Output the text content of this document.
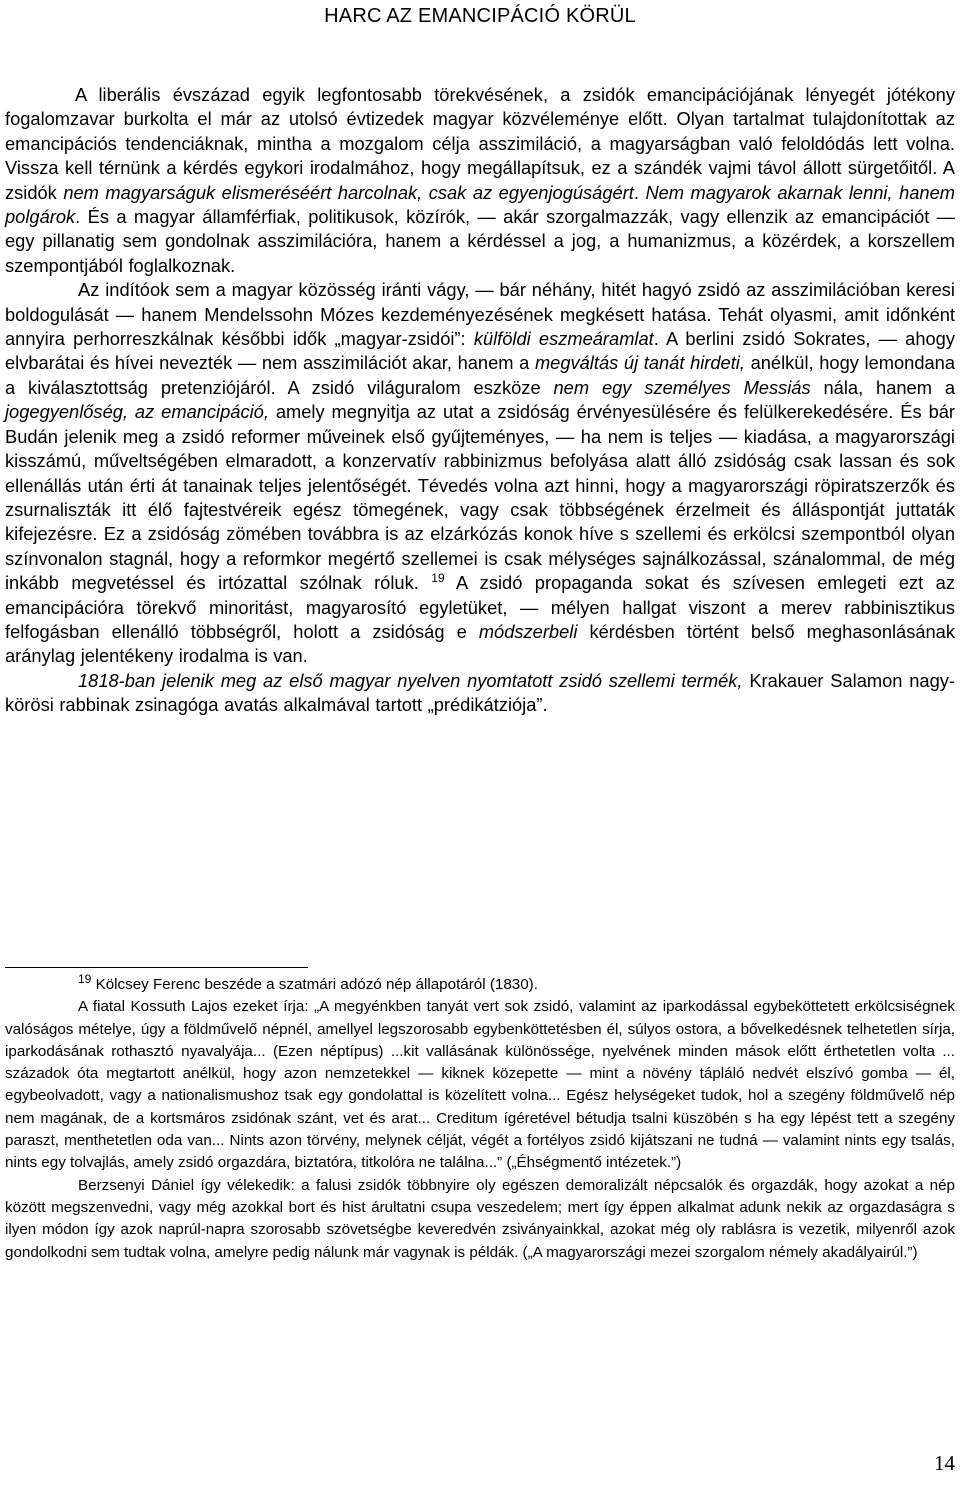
HARC AZ EMANCIPÁCIÓ KÖRÜL

A liberális évszázad egyik legfontosabb törekvésének, a zsidók emancipációjának lényegét jótékony fogalomzavar burkolta el már az utolsó évtizedek magyar közvéleménye előtt. Olyan tartalmat tulajdonítottak az emancipációs tendenciáknak, mintha a mozgalom célja asszimiláció, a magyarságban való feloldódás lett volna. Vissza kell térnünk a kérdés egykori irodalmához, hogy megállapítsuk, ez a szándék vajmi távol állott sürgetőitől. A zsidók nem magyarságuk elismeréséért harcolnak, csak az egyenjogúságért. Nem magyarok akarnak lenni, hanem polgárok. És a magyar államférfiak, politikusok, közírók, — akár szorgalmazzák, vagy ellenzik az emancipációt — egy pillanatig sem gondolnak asszimilációra, hanem a kérdéssel a jog, a humanizmus, a közérdek, a korszellem szempontjából foglalkoznak.

Az indítóok sem a magyar közösség iránti vágy, — bár néhány, hitét hagyó zsidó az asszimilációban keresi boldogulását — hanem Mendelssohn Mózes kezdeményezésének megkésett hatása. Tehát olyasmi, amit időnként annyira perhorreszkálnak későbbi idők „magyar-zsidói”: külföldi eszmeáramlat. A berlini zsidó Sokrates, — ahogy elvbarátai és hívei nevezték — nem asszimilációt akar, hanem a megváltás új tanát hirdeti, anélkül, hogy lemondana a kiválasztottság pretenziójáról. A zsidó világuralom eszköze nem egy személyes Messiás nála, hanem a jogegyenlőség, az emancipáció, amely megnyitja az utat a zsidóság érvényesülésére és felülkerekedésére. És bár Budán jelenik meg a zsidó reformer műveinek első gyűjteményes, — ha nem is teljes — kiadása, a magyarországi kisszámú, műveltségében elmaradott, a konzervatív rabbinizmus befolyása alatt álló zsidóság csak lassan és sok ellenállás után érti át tanainak teljes jelentőségét. Tévedés volna azt hinni, hogy a magyarországi röpiratszerzők és zsurnaliszták itt élő fajtestvéreik egész tömegének, vagy csak többségének érzelmeit és álláspontját juttaták kifejezésre. Ez a zsidóság zömében továbbra is az elzárkózás konok híve s szellemi és erkölcsi szempontból olyan színvonalon stagnál, hogy a reformkor megértő szellemei is csak mélységes sajnálkozással, szánalommal, de még inkább megvetéssel és irtózattal szólnak róluk. $^{19}$ A zsidó propaganda sokat és szívesen emlegeti ezt az emancipációra törekvő minoritást, magyarosító egyletüket, — mélyen hallgat viszont a merev rabbinisztikus felfogásban ellenálló többségről, holott a zsidóság e módszerbeli kérdésben történt belső meghasonlásának aránylag jelentékeny irodalma is van.

1818-ban jelenik meg az első magyar nyelven nyomtatott zsidó szellemi termék, Krakauer Salamon nagy-körösi rabbinak zsinagóga avatás alkalmával tartott „prédikátziója”.

$^{19}$ Kölcsey Ferenc beszéde a szatmári adózó nép állapotáról (1830).

A fiatal Kossuth Lajos ezeket írja: „A megyénkben tanyát vert sok zsidó, valamint az iparkodással egybeköttetett erkölcsiségnek valóságos mételye, úgy a földművelő népnél, amellyel legszorosabb egybenköttetésben él, súlyos ostora, a bővelkedésnek telhetetlen sírja, iparkodásának rothasztó nyavalyája... (Ezen néptípus) ...kit vallásának különössége, nyelvének minden mások előtt érthetetlen volta ... századok óta megtartott anélkül, hogy azon nemzetekkel — kiknek közepette — mint a növény tápláló nedvét elszívó gomba — él, egybeolvadott, vagy a nationalismushoz tsak egy gondolattal is közelített volna... Egész helységeket tudok, hol a szegény földművelő nép nem magának, de a kortsmáros zsidónak szánt, vet és arat... Creditum ígéretével bétudja tsalni küszöbén s ha egy lépést tett a szegény paraszt, menthetetlen oda van... Nints azon törvény, melynek célját, végét a fortélyos zsidó kijátszani ne tudná — valamint nints egy tsalás, nints egy tolvajlás, amely zsidó orgazdára, biztatóra, titkolóra ne találna...” („Éhségmentő intézetek.”)

Berzsenyi Dániel így vélekedik: a falusi zsidók többnyire oly egészen demoralizált népcsalók és orgazdák, hogy azokat a nép között megszenvedni, vagy még azokkal bort és hist árultatni csupa veszedelem; mert így éppen alkalmat adunk nekik az orgazdaságra s ilyen módon így azok naprúl-napra szorosabb szövetségbe keveredvén zsiványainkkal, azokat még oly rablásra is vezetik, milyenről azok gondolkodni sem tudtak volna, amelyre pedig nálunk már vagynak is példák. („A magyarországi mezei szorgalom némely akadályairúl.”)

14
